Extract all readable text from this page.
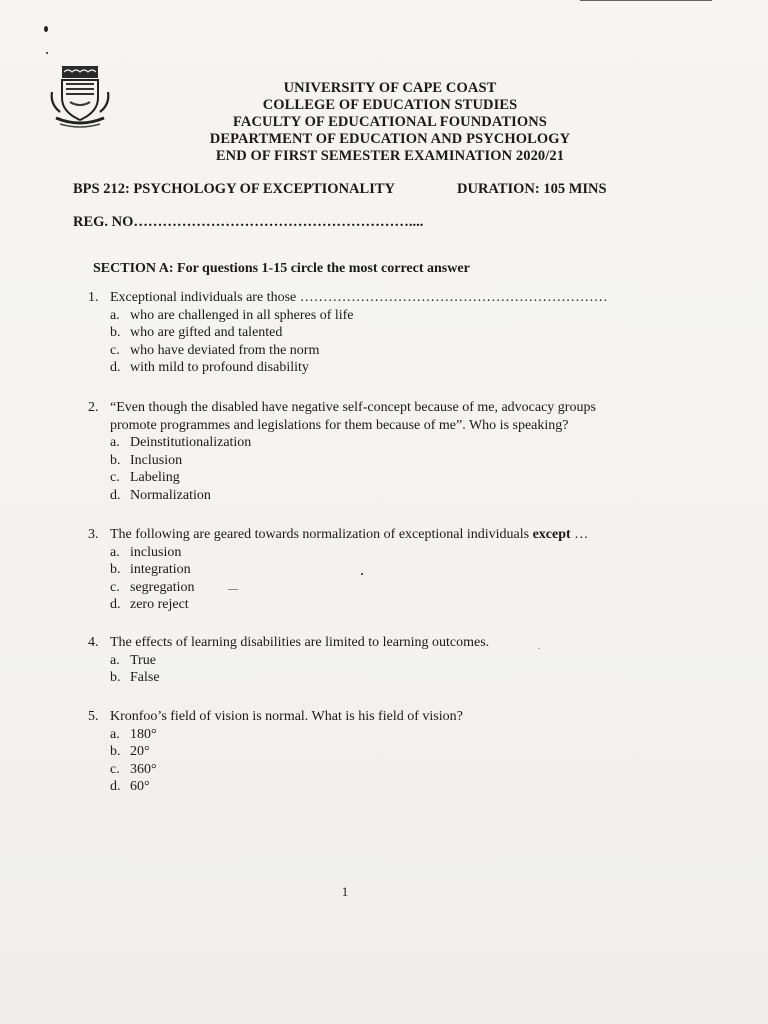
UNIVERSITY OF CAPE COAST
COLLEGE OF EDUCATION STUDIES
FACULTY OF EDUCATIONAL FOUNDATIONS
DEPARTMENT OF EDUCATION AND PSYCHOLOGY
END OF FIRST SEMESTER EXAMINATION 2020/21
BPS 212: PSYCHOLOGY OF EXCEPTIONALITY	DURATION: 105 MINS
REG. NO…………………………………………………....
SECTION A: For questions 1-15 circle the most correct answer
1. Exceptional individuals are those …………………………………………………………
a. who are challenged in all spheres of life
b. who are gifted and talented
c. who have deviated from the norm
d. with mild to profound disability
2. “Even though the disabled have negative self-concept because of me, advocacy groups
promote programmes and legislations for them because of me”. Who is speaking?
a. Deinstitutionalization
b. Inclusion
c. Labeling
d. Normalization
3. The following are geared towards normalization of exceptional individuals except …
a. inclusion
b. integration
c. segregation
d. zero reject
4. The effects of learning disabilities are limited to learning outcomes.
a. True
b. False
5. Kronfoo’s field of vision is normal. What is his field of vision?
a. 180°
b. 20°
c. 360°
d. 60°
1
